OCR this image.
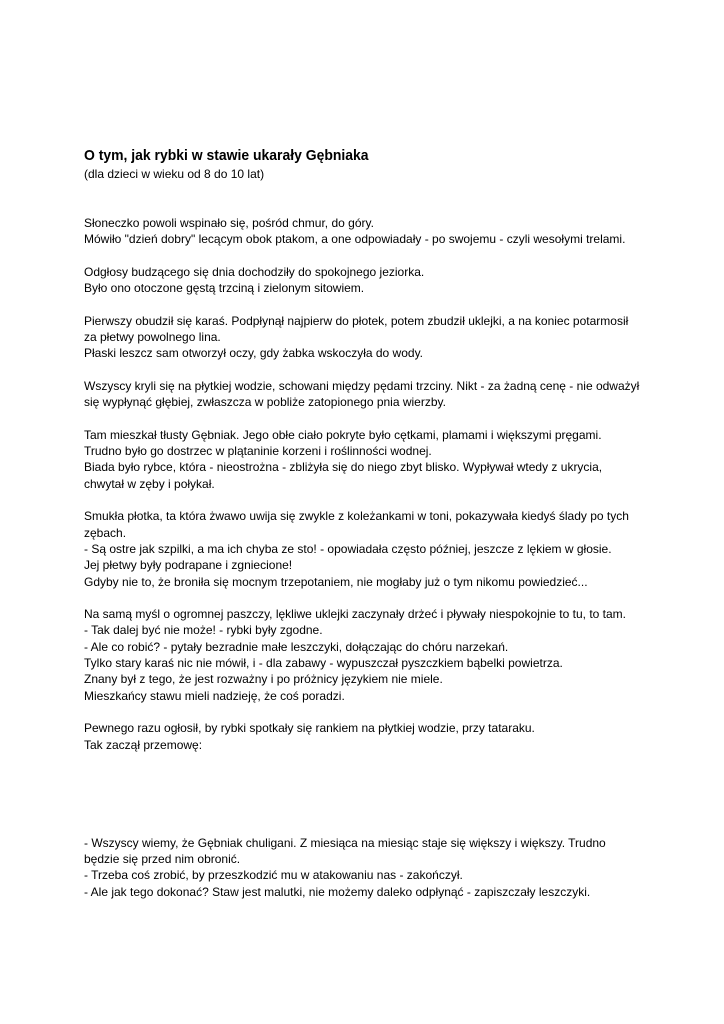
O tym, jak rybki w stawie ukarały Gębniaka
(dla dzieci w wieku od 8 do 10 lat)

Słoneczko powoli wspinało się, pośród chmur, do góry.

Mówiło "dzień dobry" lecącym obok ptakom, a one odpowiadały - po swojemu - czyli wesołymi trelami.

Odgłosy budzącego się dnia dochodziły do spokojnego jeziorka.

Było ono otoczone gęstą trzciną i zielonym sitowiem.

Pierwszy obudził się karaś. Podpłynął najpierw do płotek, potem zbudził uklejki, a na koniec potarmosił za płetwy powolnego lina.

Płaski leszcz sam otworzył oczy, gdy żabka wskoczyła do wody.

Wszyscy kryli się na płytkiej wodzie, schowani między pędami trzciny. Nikt - za żadną cenę - nie odważył się wypłynąć głębiej, zwłaszcza w pobliże zatopionego pnia wierzby.

Tam mieszkał tłusty Gębniak. Jego obłe ciało pokryte było cętkami, plamami i większymi pręgami.

Trudno było go dostrzec w plątaninie korzeni i roślinności wodnej.

Biada było rybce, która - nieostrożna - zbliżyła się do niego zbyt blisko. Wypływał wtedy z ukrycia, chwytał w zęby i połykał.

Smukła płotka, ta która żwawo uwija się zwykle z koleżankami w toni, pokazywała kiedyś ślady po tych zębach.

- Są ostre jak szpilki, a ma ich chyba ze sto! - opowiadała często później, jeszcze z lękiem w głosie.

Jej płetwy były podrapane i zgniecione!

Gdyby nie to, że broniła się mocnym trzepotaniem, nie mogłaby już o tym nikomu powiedzieć...

Na samą myśl o ogromnej paszczy, lękliwe uklejki zaczynały drżeć i pływały niespokojnie to tu, to tam.

- Tak dalej być nie może! - rybki były zgodne.

- Ale co robić? - pytały bezradnie małe leszczyki, dołączając do chóru narzekań.

Tylko stary karaś nic nie mówił, i - dla zabawy - wypuszczał pyszczkiem bąbelki powietrza.

Znany był z tego, że jest rozważny i po próżnicy językiem nie miele.

Mieszkańcy stawu mieli nadzieję, że coś poradzi.

Pewnego razu ogłosił, by rybki spotkały się rankiem na płytkiej wodzie, przy tataraku.

Tak zaczął przemowę:

- Wszyscy wiemy, że Gębniak chuligani. Z miesiąca na miesiąc staje się większy i większy. Trudno będzie się przed nim obronić.

- Trzeba coś zrobić, by przeszkodzić mu w atakowaniu nas - zakończył.

- Ale jak tego dokonać? Staw jest malutki, nie możemy daleko odpłynąć - zapiszczały leszczyki.
